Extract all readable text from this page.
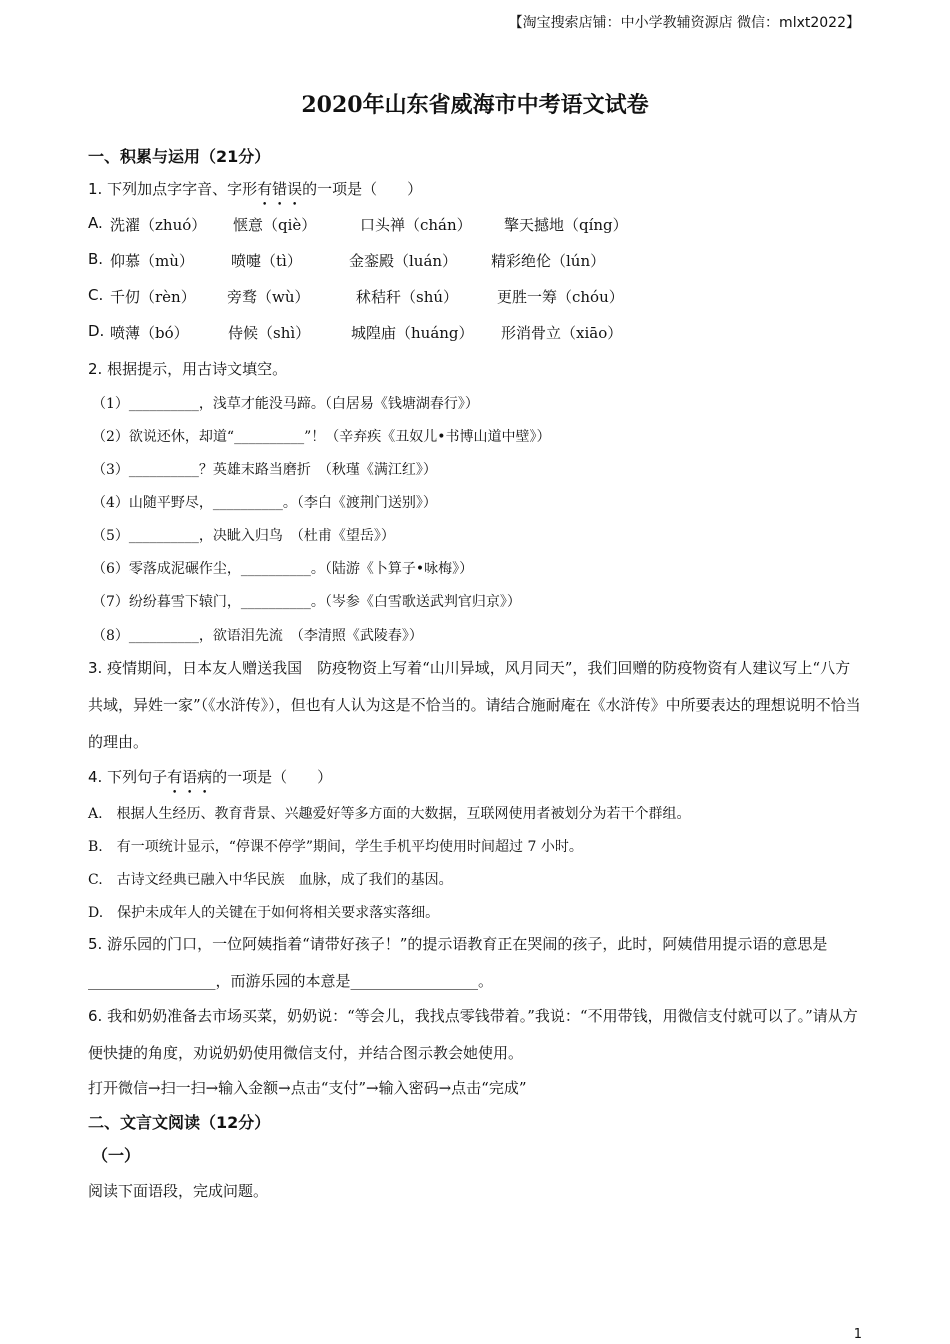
【淘宝搜索店铺：中小学教辅资源店 微信：mlxt2022】
2020年山东省威海市中考语文试卷
一、积累与运用（21分）
1. 下列加点字字音、字形有错误的一项是（　　）
A. 洗濯（zhuó） 惬意（qiè）	口头禅（chán） 擎天撼地（qíng）
B. 仰慕（mù） 喷嚏（tì）	金銮殿（luán） 精彩绝伦（lún）
C. 千仞（rèn） 旁骛（wù）	秫秸秆（shú）	更胜一筹（chóu）
D. 喷薄（bó）	侍候（shì）	城隍庙（huáng） 形消骨立（xiāo）
2. 根据提示，用古诗文填空。
（1）__________，浅草才能没马蹄。（白居易《钱塘湖春行》）
（2）欲说还休，却道“__________”！（辛弃疾《丑奴儿•书博山道中壁》）
（3）__________？英雄末路当磨折　（秋瑾《满江红》）
（4）山随平野尽，__________。（李白《渡荆门送别》）
（5）__________，决眦入归鸟　（杜甫《望岳》）
（6）零落成泥碾作尘，__________。（陆游《卜算子•咏梅》）
（7）纷纷暮雪下辕门，__________。（岑参《白雪歌送武判官归京》）
（8）__________，欲语泪先流　（李清照《武陵春》）
3. 疫情期间，日本友人赠送我国　防疫物资上写着“山川异域，风月同天”，我们回赠的防疫物资有人建议写上“八方共域，异姓一家”（《水浒传》），但也有人认为这是不恰当的。请结合施耐庵在《水浒传》中所要表达的理想说明不恰当的理由。
4. 下列句子有语病的一项是（　　）
A.　根据人生经历、教育背景、兴趣爱好等多方面的大数据，互联网使用者被划分为若干个群组。
B.　有一项统计显示，“停课不停学”期间，学生手机平均使用时间超过 7 小时。
C.　古诗文经典已融入中华民族　血脉，成了我们的基因。
D.　保护未成年人的关键在于如何将相关要求落实落细。
5. 游乐园的门口，一位阿姨指着“请带好孩子！”的提示语教育正在哭闹的孩子，此时，阿姨借用提示语的意思是_________________，而游乐园的本意是_________________。
6. 我和奶奶准备去市场买菜，奶奶说：“等会儿，我找点零钱带着。”我说：“不用带钱，用微信支付就可以了。”请从方便快捷的角度，劝说奶奶使用微信支付，并结合图示教会她使用。
打开微信→扫一扫→输入金额→点击“支付”→输入密码→点击“完成”
二、文言文阅读（12分）
（一）
阅读下面语段，完成问题。
1
